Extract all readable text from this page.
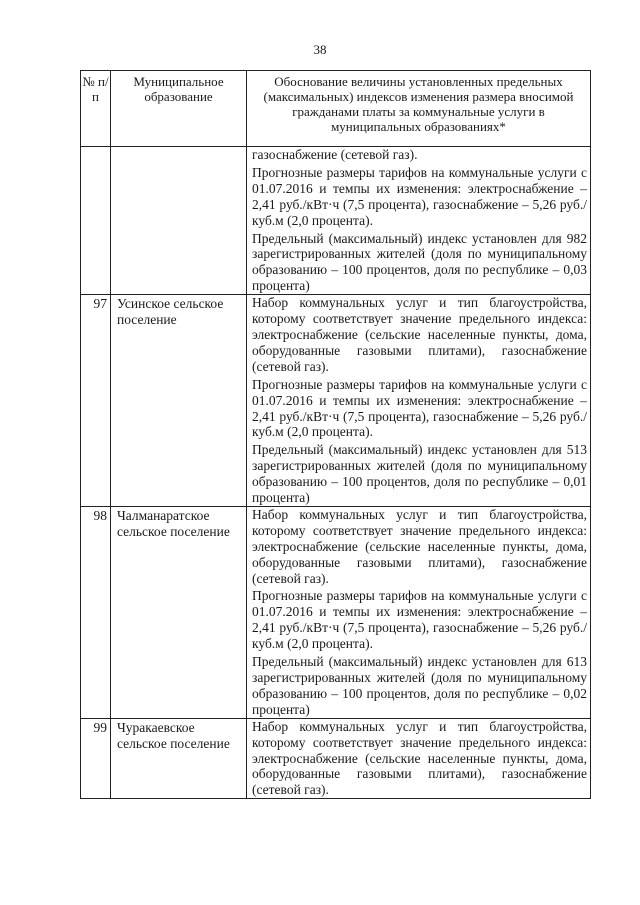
38
№ п/п	Муниципальное образование	Обоснование величины установленных предельных (максимальных) индексов изменения размера вносимой гражданами платы за коммунальные услуги в муниципальных образованиях*

		газоснабжение (сетевой газ).

Прогнозные размеры тарифов на коммунальные услуги с 01.07.2016 и темпы их изменения: электроснабжение – 2,41 руб./кВт·ч (7,5 процента), газоснабжение – 5,26 руб./куб.м (2,0 процента).

Предельный (максимальный) индекс установлен для 982 зарегистрированных жителей (доля по муниципальному образованию – 100 процентов, доля по республике – 0,03 процента)

97	Усинское сельское поселение	Набор коммунальных услуг и тип благоустройства, которому соответствует значение предельного индекса: электроснабжение (сельские населенные пункты, дома, оборудованные газовыми плитами), газоснабжение (сетевой газ).

Прогнозные размеры тарифов на коммунальные услуги с 01.07.2016 и темпы их изменения: электроснабжение – 2,41 руб./кВт·ч (7,5 процента), газоснабжение – 5,26 руб./куб.м (2,0 процента).

Предельный (максимальный) индекс установлен для 513 зарегистрированных жителей (доля по муниципальному образованию – 100 процентов, доля по республике – 0,01 процента)

98	Чалманаратское сельское поселение	Набор коммунальных услуг и тип благоустройства, которому соответствует значение предельного индекса: электроснабжение (сельские населенные пункты, дома, оборудованные газовыми плитами), газоснабжение (сетевой газ).

Прогнозные размеры тарифов на коммунальные услуги с 01.07.2016 и темпы их изменения: электроснабжение – 2,41 руб./кВт·ч (7,5 процента), газоснабжение – 5,26 руб./куб.м (2,0 процента).

Предельный (максимальный) индекс установлен для 613 зарегистрированных жителей (доля по муниципальному образованию – 100 процентов, доля по республике – 0,02 процента)

99	Чуракаевское сельское поселение	Набор коммунальных услуг и тип благоустройства, которому соответствует значение предельного индекса: электроснабжение (сельские населенные пункты, дома, оборудованные газовыми плитами), газоснабжение (сетевой газ).
